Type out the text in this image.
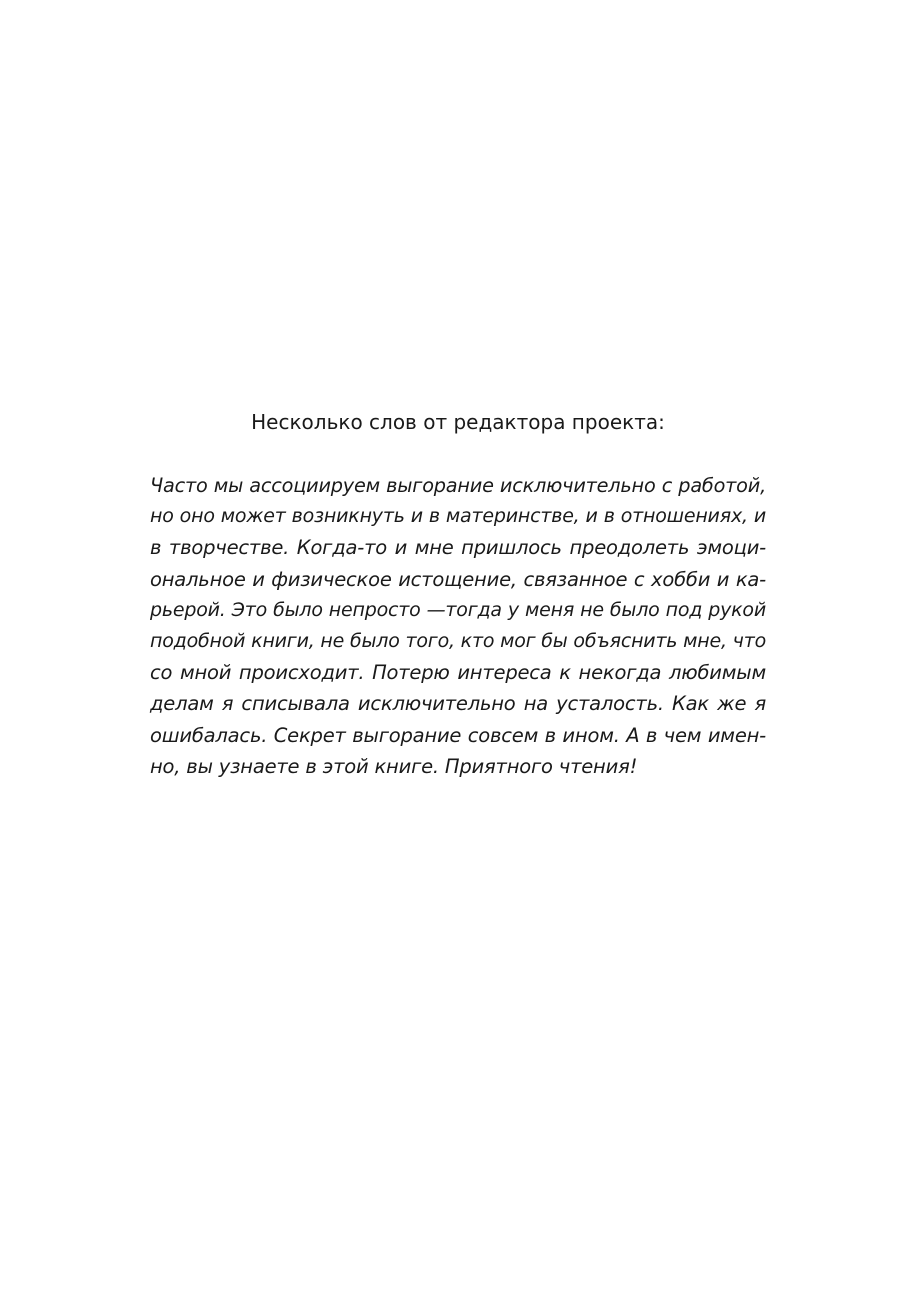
Несколько слов от редактора проекта:
Часто мы ассоциируем выгорание исключительно с работой,
но оно может возникнуть и в материнстве, и в отношениях, и
в творчестве. Когда-то и мне пришлось преодолеть эмоци-
ональное и физическое истощение, связанное с хобби и ка-
рьерой. Это было непросто —тогда у меня не было под рукой
подобной книги, не было того, кто мог бы объяснить мне, что
со мной происходит. Потерю интереса к некогда любимым
делам я списывала исключительно на усталость. Как же я
ошибалась. Секрет выгорание совсем в ином. А в чем имен-
но, вы узнаете в этой книге. Приятного чтения!
